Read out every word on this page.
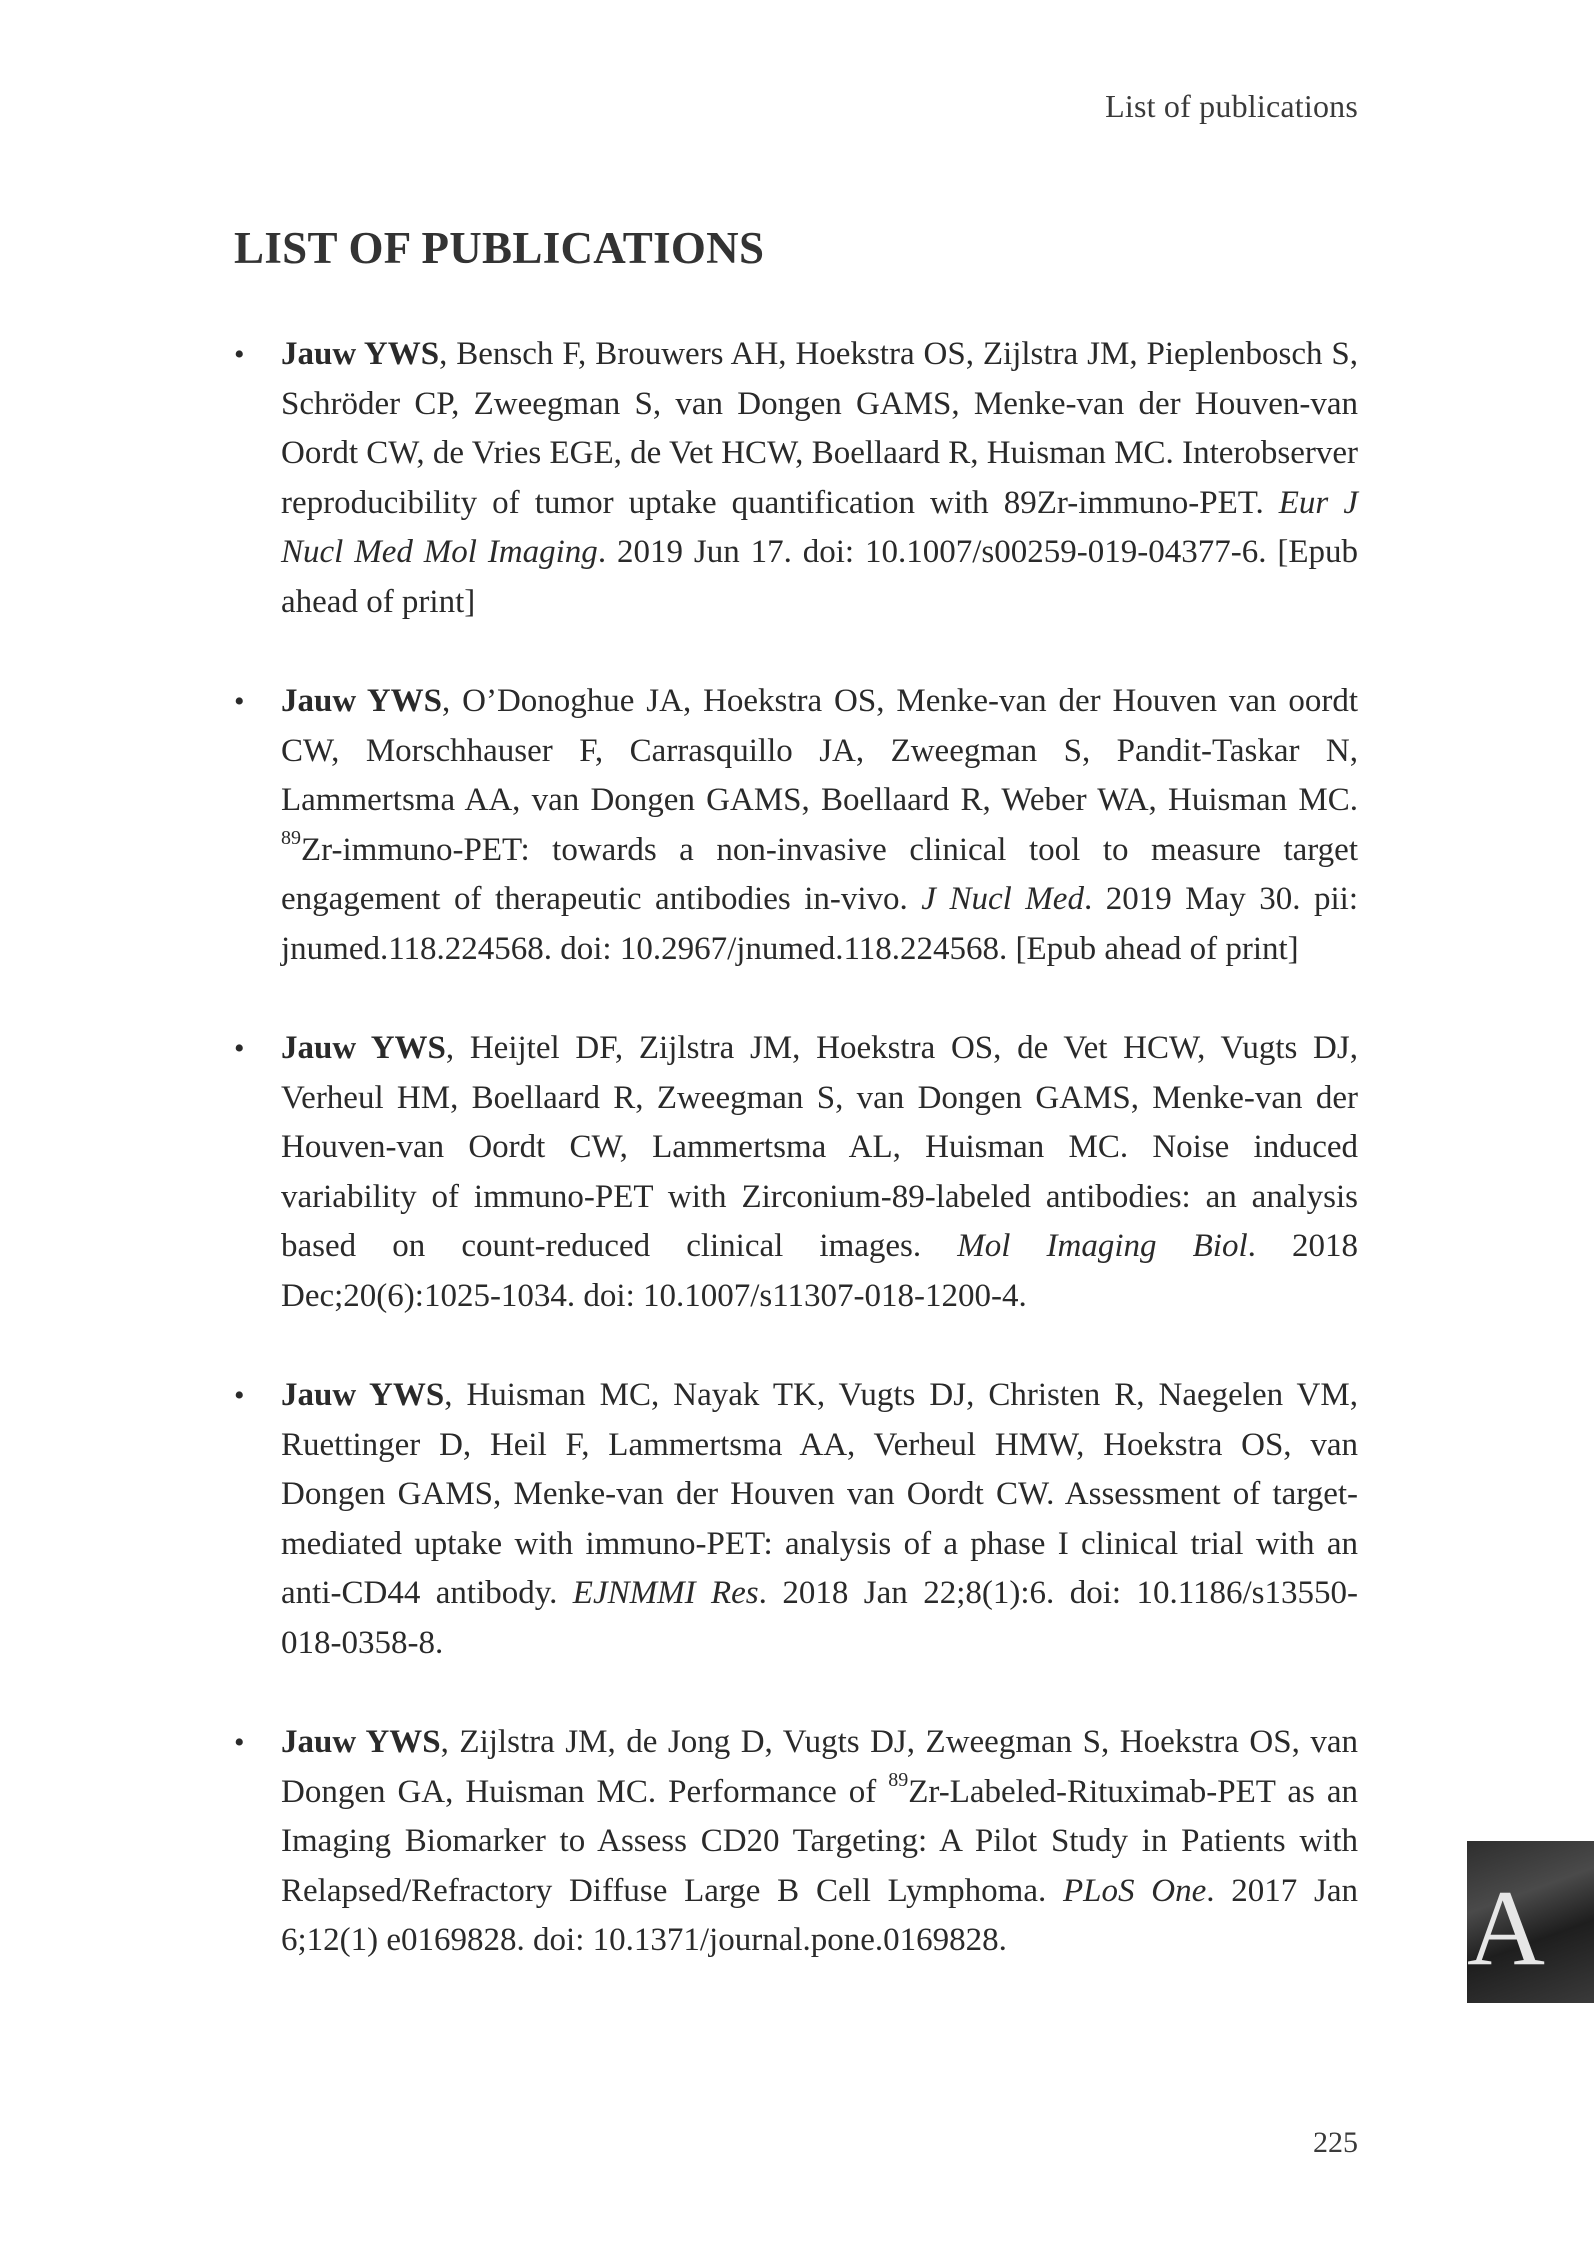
List of publications
LIST OF PUBLICATIONS
• Jauw YWS, Bensch F, Brouwers AH, Hoekstra OS, Zijlstra JM, Pieplenbosch S, Schröder CP, Zweegman S, van Dongen GAMS, Menke-van der Houven-van Oordt CW, de Vries EGE, de Vet HCW, Boellaard R, Huisman MC. Interobserver reproducibility of tumor uptake quantification with 89Zr-immuno-PET. Eur J Nucl Med Mol Imaging. 2019 Jun 17. doi: 10.1007/s00259-019-04377-6. [Epub ahead of print]
• Jauw YWS, O’Donoghue JA, Hoekstra OS, Menke-van der Houven van oordt CW, Morschhauser F, Carrasquillo JA, Zweegman S, Pandit-Taskar N, Lammertsma AA, van Dongen GAMS, Boellaard R, Weber WA, Huisman MC. $^{89}$Zr-immuno-PET: towards a non-invasive clinical tool to measure target engagement of therapeutic antibodies in-vivo. J Nucl Med. 2019 May 30. pii: jnumed.118.224568. doi: 10.2967/jnumed.118.224568. [Epub ahead of print]
• Jauw YWS, Heijtel DF, Zijlstra JM, Hoekstra OS, de Vet HCW, Vugts DJ, Verheul HM, Boellaard R, Zweegman S, van Dongen GAMS, Menke-van der Houven-van Oordt CW, Lammertsma AL, Huisman MC. Noise induced variability of immuno-PET with Zirconium-89-labeled antibodies: an analysis based on count-reduced clinical images. Mol Imaging Biol. 2018 Dec;20(6):1025-1034. doi: 10.1007/s11307-018-1200-4.
• Jauw YWS, Huisman MC, Nayak TK, Vugts DJ, Christen R, Naegelen VM, Ruettinger D, Heil F, Lammertsma AA, Verheul HMW, Hoekstra OS, van Dongen GAMS, Menke-van der Houven van Oordt CW. Assessment of target-mediated uptake with immuno-PET: analysis of a phase I clinical trial with an anti-CD44 antibody. EJNMMI Res. 2018 Jan 22;8(1):6. doi: 10.1186/s13550-018-0358-8.
• Jauw YWS, Zijlstra JM, de Jong D, Vugts DJ, Zweegman S, Hoekstra OS, van Dongen GA, Huisman MC. Performance of $^{89}$Zr-Labeled-Rituximab-PET as an Imaging Biomarker to Assess CD20 Targeting: A Pilot Study in Patients with Relapsed/Refractory Diffuse Large B Cell Lymphoma. PLoS One. 2017 Jan 6;12(1) e0169828. doi: 10.1371/journal.pone.0169828.	A
225
